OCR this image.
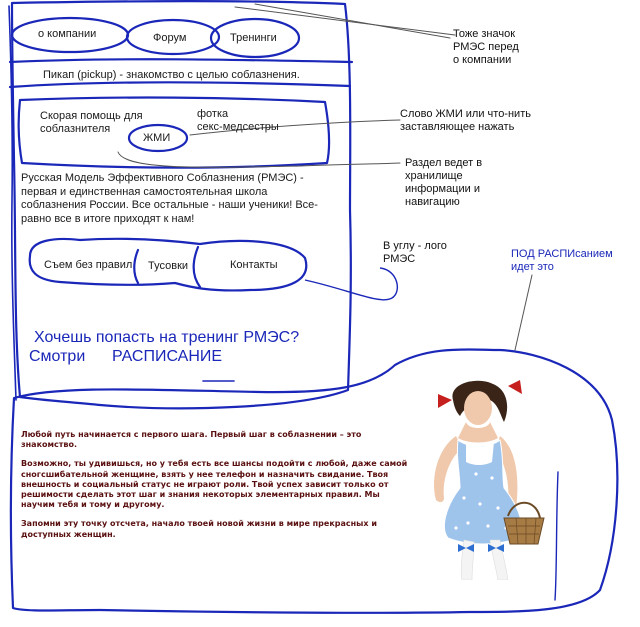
о компании	Форум	Тренинги
Пикап (pickup) - знакомство с целью соблазнения.
Скорая помощь для
соблазнителя
ЖМИ
фотка
секс-медсестры
Русская Модель Эффективного Соблазнения (РМЭС) - первая и единственная самостоятельная школа соблазнения России. Все остальные - наши ученики! Все-равно все в итоге приходят к нам!
Съем без правил Тусовки	Контакты
Хочешь попасть на тренинг РМЭС?
Смотри РАСПИСАНИЕ
Тоже значок
РМЭС перед
о компании
Слово ЖМИ или что-нить
заставляющее нажать
Раздел ведет в
хранилище
информации и
навигацию
В углу - лого
РМЭС	ПОД РАСПИсанием
идет это

Любой путь начинается с первого шага. Первый шаг в соблазнении – это знакомство.

Возможно, ты удивишься, но у тебя есть все шансы подойти с любой, даже самой сногсшибательной женщине, взять у нее телефон и назначить свидание. Твоя внешность и социальный статус не играют роли. Твой успех зависит только от решимости сделать этот шаг и знания некоторых элементарных правил. Мы научим тебя и тому и другому.

Запомни эту точку отсчета, начало твоей новой жизни в мире прекрасных и доступных женщин.
